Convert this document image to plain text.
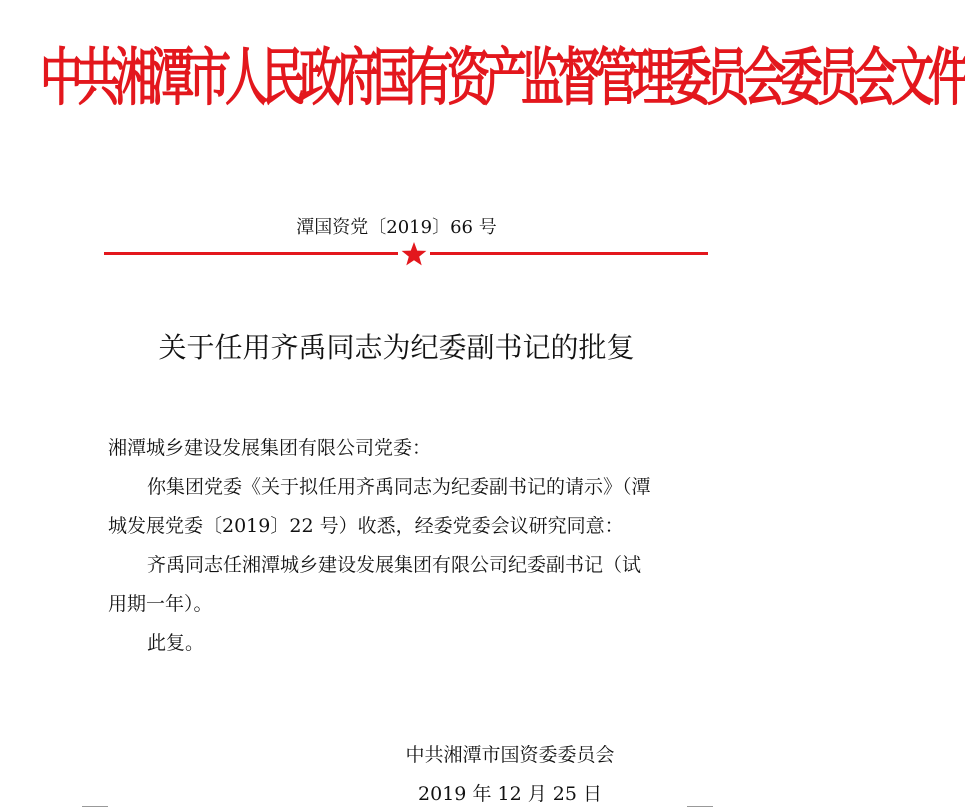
中共湘潭市人民政府国有资产监督管理委员会委员会文件
潭国资党〔2019〕66 号
关于任用齐禹同志为纪委副书记的批复
湘潭城乡建设发展集团有限公司党委：
你集团党委《关于拟任用齐禹同志为纪委副书记的请示》（潭
城发展党委〔2019〕22 号）收悉，经委党委会议研究同意：
齐禹同志任湘潭城乡建设发展集团有限公司纪委副书记（试
用期一年）。
此复。
中共湘潭市国资委委员会
2019 年 12 月 25 日
